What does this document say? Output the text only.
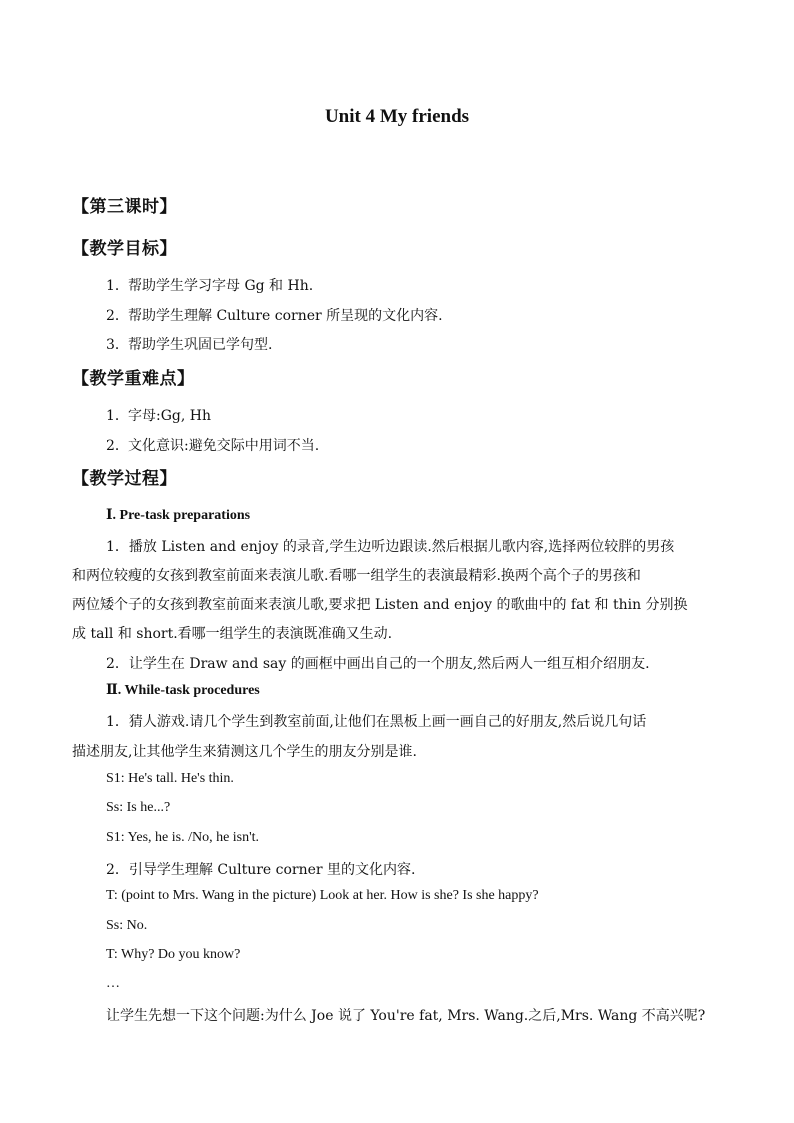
Unit 4 My friends
【第三课时】
【教学目标】
1．帮助学生学习字母 Gg 和 Hh.
2．帮助学生理解 Culture corner 所呈现的文化内容.
3．帮助学生巩固已学句型.
【教学重难点】
1．字母:Gg, Hh
2．文化意识:避免交际中用词不当.
【教学过程】
Ⅰ. Pre-task preparations
1．播放 Listen and enjoy 的录音,学生边听边跟读.然后根据儿歌内容,选择两位较胖的男孩
和两位较瘦的女孩到教室前面来表演儿歌.看哪一组学生的表演最精彩.换两个高个子的男孩和
两位矮个子的女孩到教室前面来表演儿歌,要求把 Listen and enjoy 的歌曲中的 fat 和 thin 分别换
成 tall 和 short.看哪一组学生的表演既准确又生动.
2．让学生在 Draw and say 的画框中画出自己的一个朋友,然后两人一组互相介绍朋友.
Ⅱ. While-task procedures
1．猜人游戏.请几个学生到教室前面,让他们在黑板上画一画自己的好朋友,然后说几句话
描述朋友,让其他学生来猜测这几个学生的朋友分别是谁.
S1: He's tall. He's thin.
Ss: Is he...?
S1: Yes, he is. /No, he isn't.
2．引导学生理解 Culture corner 里的文化内容.
T: (point to Mrs. Wang in the picture) Look at her. How is she? Is she happy?
Ss: No.
T: Why? Do you know?
…
让学生先想一下这个问题:为什么 Joe 说了 You're fat, Mrs. Wang.之后,Mrs. Wang 不高兴呢?
